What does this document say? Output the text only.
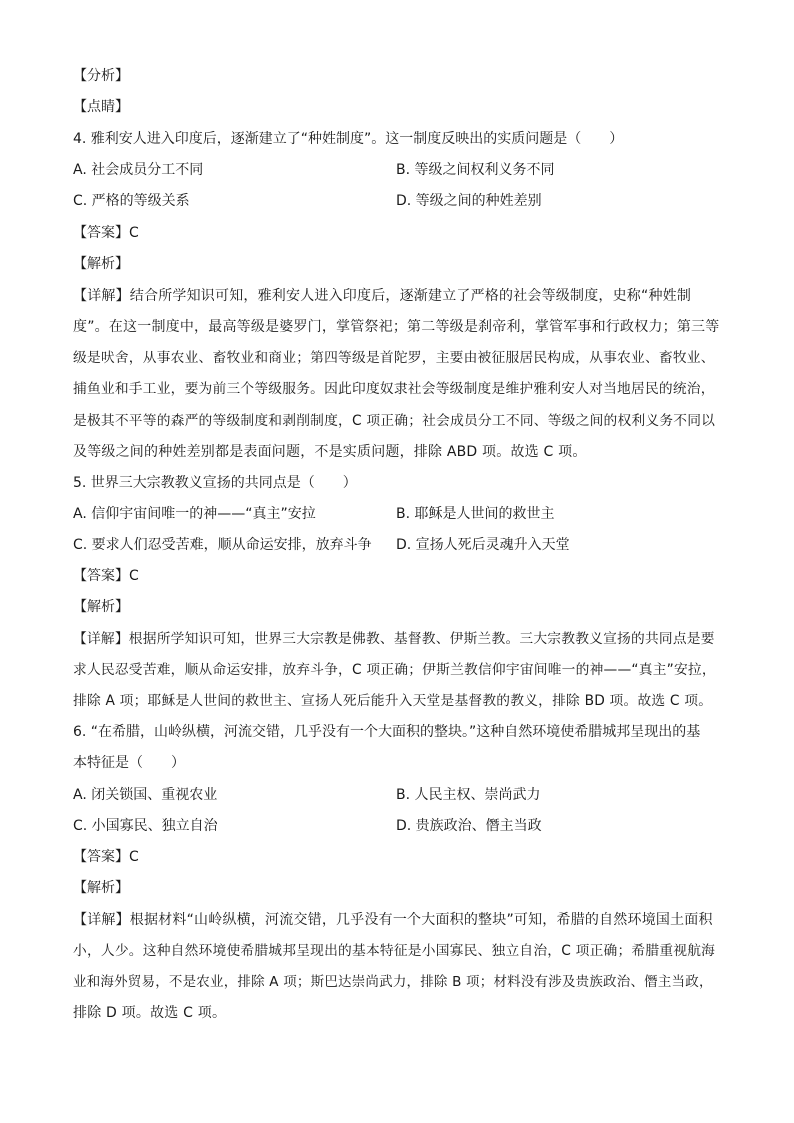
【分析】
【点睛】
4. 雅利安人进入印度后，逐渐建立了“种姓制度”。这一制度反映出的实质问题是（　　）
A. 社会成员分工不同	B. 等级之间权利义务不同
C. 严格的等级关系	D. 等级之间的种姓差别
【答案】C
【解析】
【详解】结合所学知识可知，雅利安人进入印度后，逐渐建立了严格的社会等级制度，史称“种姓制
度”。在这一制度中，最高等级是婆罗门，掌管祭祀；第二等级是刹帝利，掌管军事和行政权力；第三等
级是吠舍，从事农业、畜牧业和商业；第四等级是首陀罗，主要由被征服居民构成，从事农业、畜牧业、
捕鱼业和手工业，要为前三个等级服务。因此印度奴隶社会等级制度是维护雅利安人对当地居民的统治，
是极其不平等的森严的等级制度和剥削制度，C 项正确；社会成员分工不同、等级之间的权利义务不同以
及等级之间的种姓差别都是表面问题，不是实质问题，排除 ABD 项。故选 C 项。
5. 世界三大宗教教义宣扬的共同点是（　　）
A. 信仰宇宙间唯一的神——“真主”安拉	B. 耶稣是人世间的救世主
C. 要求人们忍受苦难，顺从命运安排，放弃斗争 D. 宣扬人死后灵魂升入天堂
【答案】C
【解析】
【详解】根据所学知识可知，世界三大宗教是佛教、基督教、伊斯兰教。三大宗教教义宣扬的共同点是要
求人民忍受苦难，顺从命运安排，放弃斗争，C 项正确；伊斯兰教信仰宇宙间唯一的神——“真主”安拉，
排除 A 项；耶稣是人世间的救世主、宣扬人死后能升入天堂是基督教的教义，排除 BD 项。故选 C 项。
6. “在希腊，山岭纵横，河流交错，几乎没有一个大面积的整块。”这种自然环境使希腊城邦呈现出的基
本特征是（　　）
A. 闭关锁国、重视农业	B. 人民主权、崇尚武力
C. 小国寡民、独立自治	D. 贵族政治、僭主当政
【答案】C
【解析】
【详解】根据材料“山岭纵横，河流交错，几乎没有一个大面积的整块”可知，希腊的自然环境国土面积
小，人少。这种自然环境使希腊城邦呈现出的基本特征是小国寡民、独立自治，C 项正确；希腊重视航海
业和海外贸易，不是农业，排除 A 项；斯巴达崇尚武力，排除 B 项；材料没有涉及贵族政治、僭主当政，
排除 D 项。故选 C 项。
